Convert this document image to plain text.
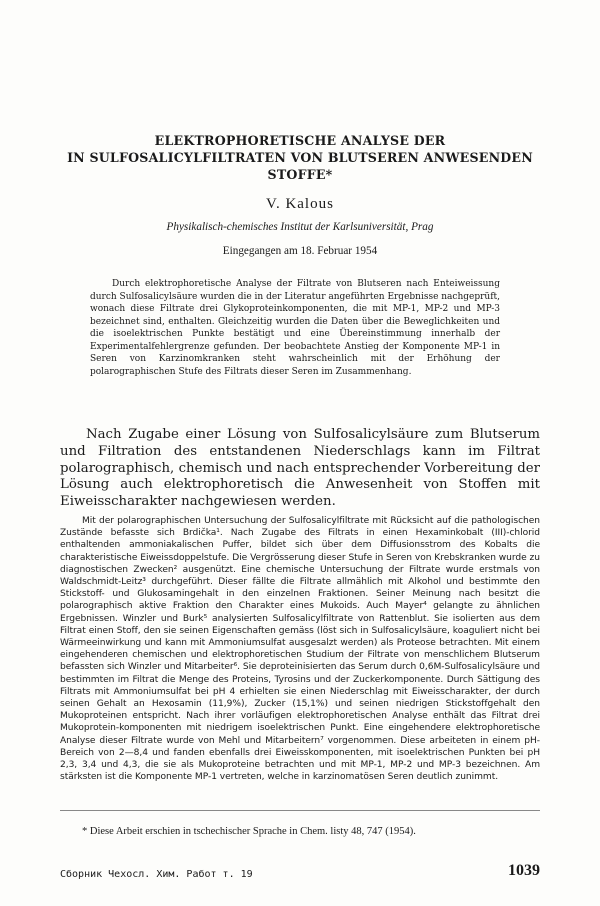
ELEKTROPHORETISCHE ANALYSE DER
IN SULFOSALICYLFILTRATEN VON BLUTSEREN ANWESENDEN
STOFFE*
V. Kalous
Physikalisch-chemisches Institut der Karlsuniversität, Prag
Eingegangen am 18. Februar 1954

Durch elektrophoretische Analyse der Filtrate von Blutseren nach Enteiweissung durch Sulfosalicylsäure wurden die in der Literatur angeführten Ergebnisse nachgeprüft, wonach diese Filtrate drei Glykoproteinkomponenten, die mit MP-1, MP-2 und MP-3 bezeichnet sind, enthalten. Gleichzeitig wurden die Daten über die Beweglichkeiten und die isoelektrischen Punkte bestätigt und eine Übereinstimmung innerhalb der Experimentalfehlergrenze gefunden. Der beobachtete Anstieg der Komponente MP-1 in Seren von Karzinomkranken steht wahrscheinlich mit der Erhöhung der polarographischen Stufe des Filtrats dieser Seren im Zusammenhang.

Nach Zugabe einer Lösung von Sulfosalicylsäure zum Blutserum und Filtration des entstandenen Niederschlags kann im Filtrat polarographisch, chemisch und nach entsprechender Vorbereitung der Lösung auch elektrophoretisch die Anwesenheit von Stoffen mit Eiweisscharakter nachgewiesen werden.

Mit der polarographischen Untersuchung der Sulfosalicylfiltrate mit Rücksicht auf die pathologischen Zustände befasste sich Brdička¹. Nach Zugabe des Filtrats in einen Hexaminkobalt (III)-chlorid enthaltenden ammoniakalischen Puffer, bildet sich über dem Diffusionsstrom des Kobalts die charakteristische Eiweissdoppelstufe. Die Vergrösserung dieser Stufe in Seren von Krebskranken wurde zu diagnostischen Zwecken² ausgenützt. Eine chemische Untersuchung der Filtrate wurde erstmals von Waldschmidt-Leitz³ durchgeführt. Dieser fällte die Filtrate allmählich mit Alkohol und bestimmte den Stickstoff- und Glukosamingehalt in den einzelnen Fraktionen. Seiner Meinung nach besitzt die polarographisch aktive Fraktion den Charakter eines Mukoids. Auch Mayer⁴ gelangte zu ähnlichen Ergebnissen. Winzler und Burk⁵ analysierten Sulfosalicylfiltrate von Rattenblut. Sie isolierten aus dem Filtrat einen Stoff, den sie seinen Eigenschaften gemäss (löst sich in Sulfosalicylsäure, koaguliert nicht bei Wärmeeinwirkung und kann mit Ammoniumsulfat ausgesalzt werden) als Proteose betrachten. Mit einem eingehenderen chemischen und elektrophoretischen Studium der Filtrate von menschlichem Blutserum befassten sich Winzler und Mitarbeiter⁶. Sie deproteinisierten das Serum durch 0,6M-Sulfosalicylsäure und bestimmten im Filtrat die Menge des Proteins, Tyrosins und der Zuckerkomponente. Durch Sättigung des Filtrats mit Ammoniumsulfat bei pH 4 erhielten sie einen Niederschlag mit Eiweisscharakter, der durch seinen Gehalt an Hexosamin (11,9%), Zucker (15,1%) und seinen niedrigen Stickstoffgehalt den Mukoproteinen entspricht. Nach ihrer vorläufigen elektrophoretischen Analyse enthält das Filtrat drei Mukoprotein-komponenten mit niedrigem isoelektrischen Punkt. Eine eingehendere elektrophoretische Analyse dieser Filtrate wurde von Mehl und Mitarbeitern⁷ vorgenommen. Diese arbeiteten in einem pH-Bereich von 2—8,4 und fanden ebenfalls drei Eiweisskomponenten, mit isoelektrischen Punkten bei pH 2,3, 3,4 und 4,3, die sie als Mukoproteine betrachten und mit MP-1, MP-2 und MP-3 bezeichnen. Am stärksten ist die Komponente MP-1 vertreten, welche in karzinomatösen Seren deutlich zunimmt.

* Diese Arbeit erschien in tschechischer Sprache in Chem. listy 48, 747 (1954).
Сборник Чехосл. Хим. Работ т. 19	1039
